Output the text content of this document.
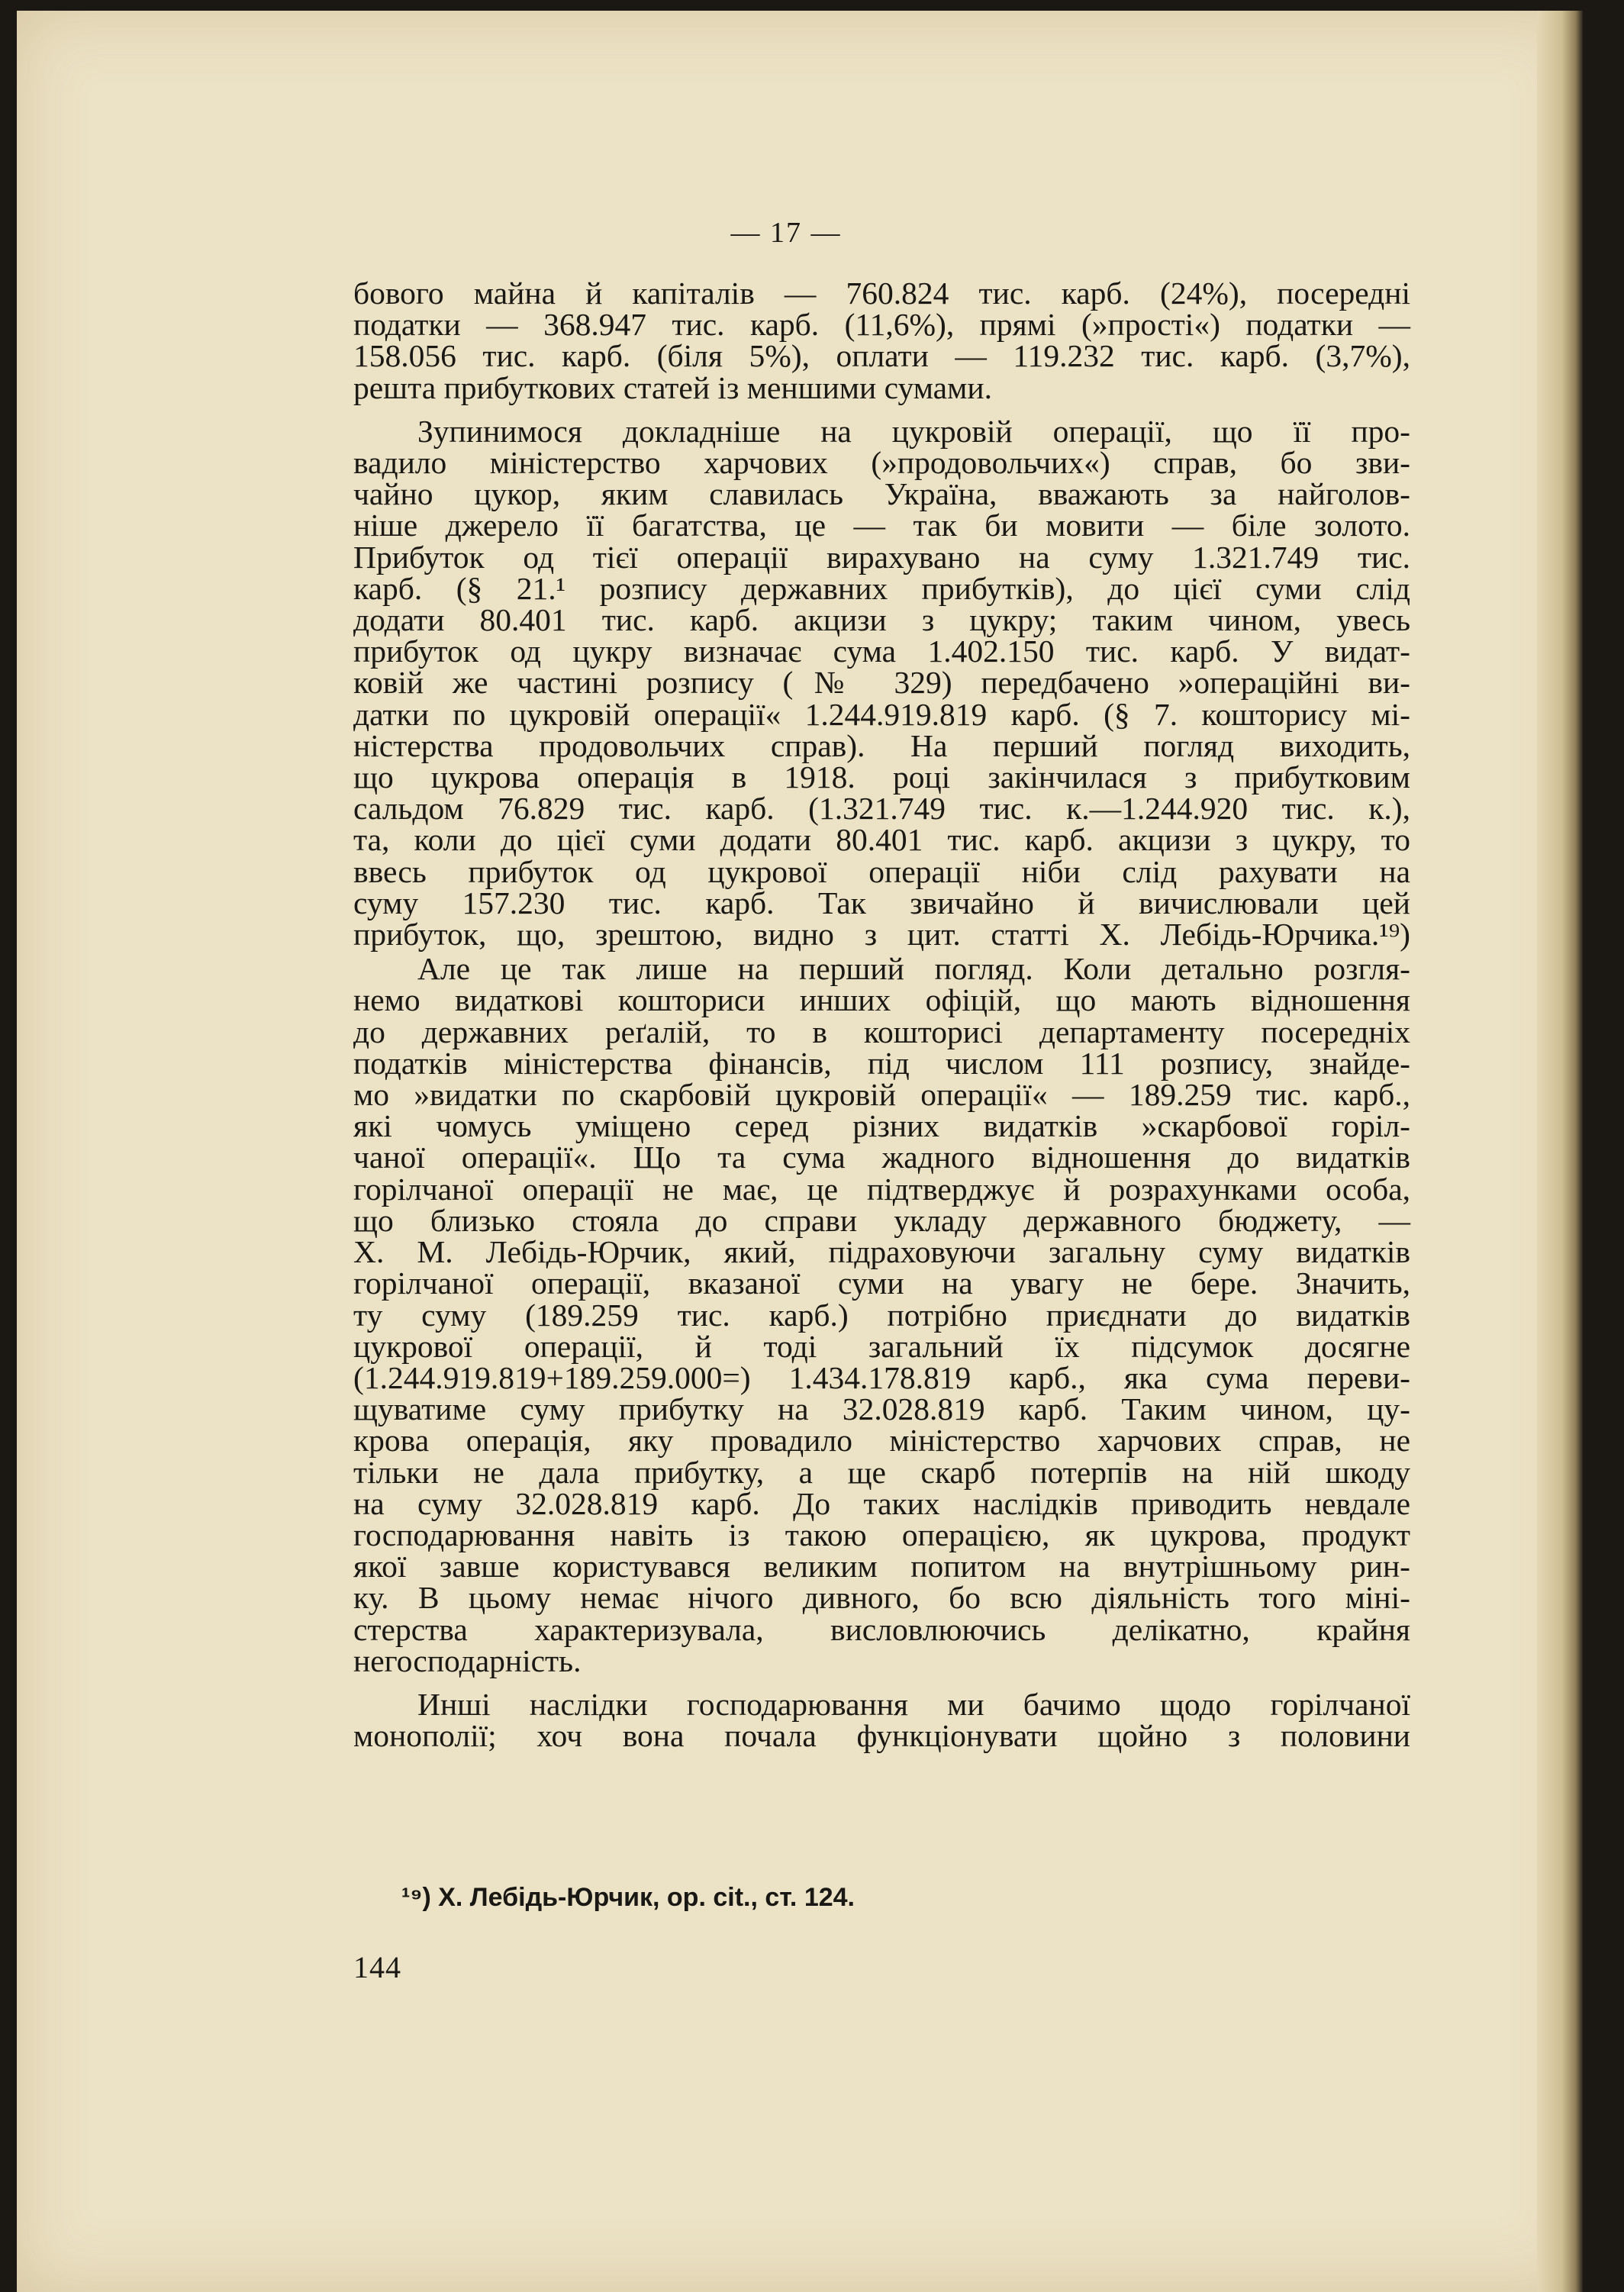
— 17 —

бового майна й капіталів — 760.824 тис. карб. (24%), посередні
податки — 368.947 тис. карб. (11,6%), прямі (»прості«) податки —
158.056 тис. карб. (біля 5%), оплати — 119.232 тис. карб. (3,7%),
решта прибуткових статей із меншими сумами.

Зупинимося докладніше на цукровій операції, що її про-
вадило міністерство харчових (»продовольчих«) справ, бо зви-
чайно цукор, яким славилась Україна, вважають за найголов-
ніше джерело її багатства, це — так би мовити — біле золото.
Прибуток од тієї операції вирахувано на суму 1.321.749 тис.
карб. (§ 21.¹ розпису державних прибутків), до цієї суми слід
додати 80.401 тис. карб. акцизи з цукру; таким чином, увесь
прибуток од цукру визначає сума 1.402.150 тис. карб. У видат-
ковій же частині розпису (№ 329) передбачено »операційні ви-
датки по цукровій операції« 1.244.919.819 карб. (§ 7. кошторису мі-
ністерства продовольчих справ). На перший погляд виходить,
що цукрова операція в 1918. році закінчилася з прибутковим
сальдом 76.829 тис. карб. (1.321.749 тис. к.—1.244.920 тис. к.),
та, коли до цієї суми додати 80.401 тис. карб. акцизи з цукру, то
ввесь прибуток од цукрової операції ніби слід рахувати на
суму 157.230 тис. карб. Так звичайно й вичислювали цей
прибуток, що, зрештою, видно з цит. статті Х. Лебідь-Юрчика.¹⁹)

Але це так лише на перший погляд. Коли детально розгля-
немо видаткові кошториси инших офіцій, що мають відношення
до державних реґалій, то в кошторисі департаменту посередніх
податків міністерства фінансів, під числом 111 розпису, знайде-
мо »видатки по скарбовій цукровій операції« — 189.259 тис. карб.,
які чомусь уміщено серед різних видатків »скарбової горіл-
чаної операції«. Що та сума жадного відношення до видатків
горілчаної операції не має, це підтверджує й розрахунками особа,
що близько стояла до справи укладу державного бюджету, —
Х. М. Лебідь-Юрчик, який, підраховуючи загальну суму видатків
горілчаної операції, вказаної суми на увагу не бере. Значить,
ту суму (189.259 тис. карб.) потрібно приєднати до видатків
цукрової операції, й тоді загальний їх підсумок досягне
(1.244.919.819+189.259.000=) 1.434.178.819 карб., яка сума переви-
щуватиме суму прибутку на 32.028.819 карб. Таким чином, цу-
крова операція, яку провадило міністерство харчових справ, не
тільки не дала прибутку, а ще скарб потерпів на ній шкоду
на суму 32.028.819 карб. До таких наслідків приводить невдале
господарювання навіть із такою операцією, як цукрова, продукт
якої завше користувався великим попитом на внутрішньому рин-
ку. В цьому немає нічого дивного, бо всю діяльність того міні-
стерства характеризувала, висловлюючись делікатно, крайня
негосподарність.

Инші наслідки господарювання ми бачимо щодо горілчаної
монополії; хоч вона почала функціонувати щойно з половини

¹⁹) Х. Лебідь-Юрчик, op. cit., ст. 124.
144
